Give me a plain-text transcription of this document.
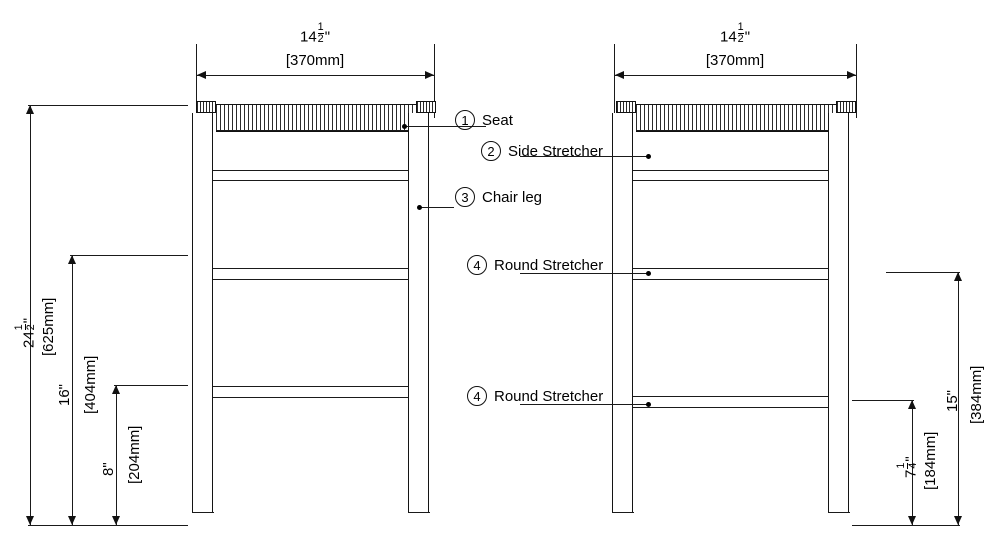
$14 \frac{1}{2}$ "
[370mm]
$14 \frac{1}{2}$ "
[370mm]
24
1 2
" [625mm]
16" [404mm]
8" [204mm]
15" [384mm]
7
1 4
" [184mm]
1 Seat
2 Side Stretcher
3 Chair leg
4 Round Stretcher
4 Round Stretcher
